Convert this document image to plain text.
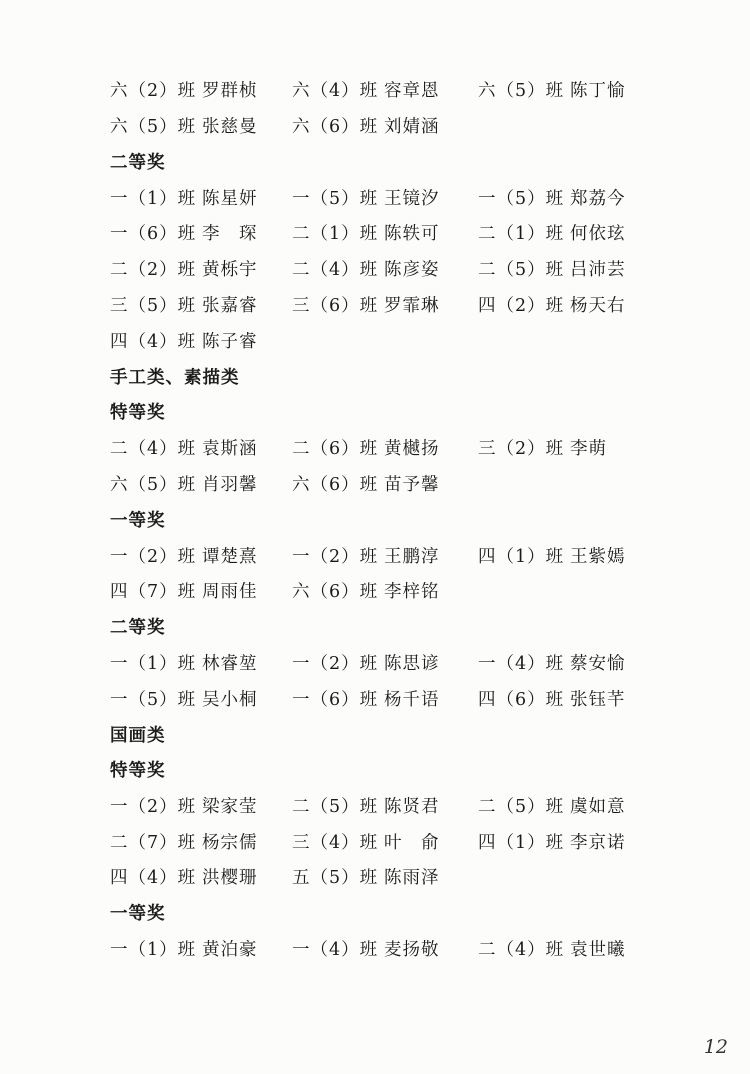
六（2）班 罗群桢 六（4）班 容章恩 六（5）班 陈丁愉
六（5）班 张慈曼 六（6）班 刘婧涵
二等奖
一（1）班 陈星妍 一（5）班 王镜汐 一（5）班 郑荔今
一（6）班 李　琛 二（1）班 陈轶可 二（1）班 何依玹
二（2）班 黄栎宇 二（4）班 陈彦姿 二（5）班 吕沛芸
三（5）班 张嘉睿 三（6）班 罗霏琳 四（2）班 杨天右
四（4）班 陈子睿
手工类、素描类
特等奖
二（4）班 袁斯涵 二（6）班 黄樾扬 三（2）班 李萌
六（5）班 肖羽馨 六（6）班 苗予馨
一等奖
一（2）班 谭楚熹 一（2）班 王鹏淳 四（1）班 王紫嫣
四（7）班 周雨佳 六（6）班 李梓铭
二等奖
一（1）班 林睿堃 一（2）班 陈思谚 一（4）班 蔡安愉
一（5）班 吴小桐 一（6）班 杨千语 四（6）班 张钰芊
国画类
特等奖
一（2）班 梁家莹 二（5）班 陈贤君 二（5）班 虞如意
二（7）班 杨宗儒 三（4）班 叶　俞 四（1）班 李京诺
四（4）班 洪樱珊 五（5）班 陈雨泽
一等奖
一（1）班 黄泊豪 一（4）班 麦扬敬 二（4）班 袁世曦
12
